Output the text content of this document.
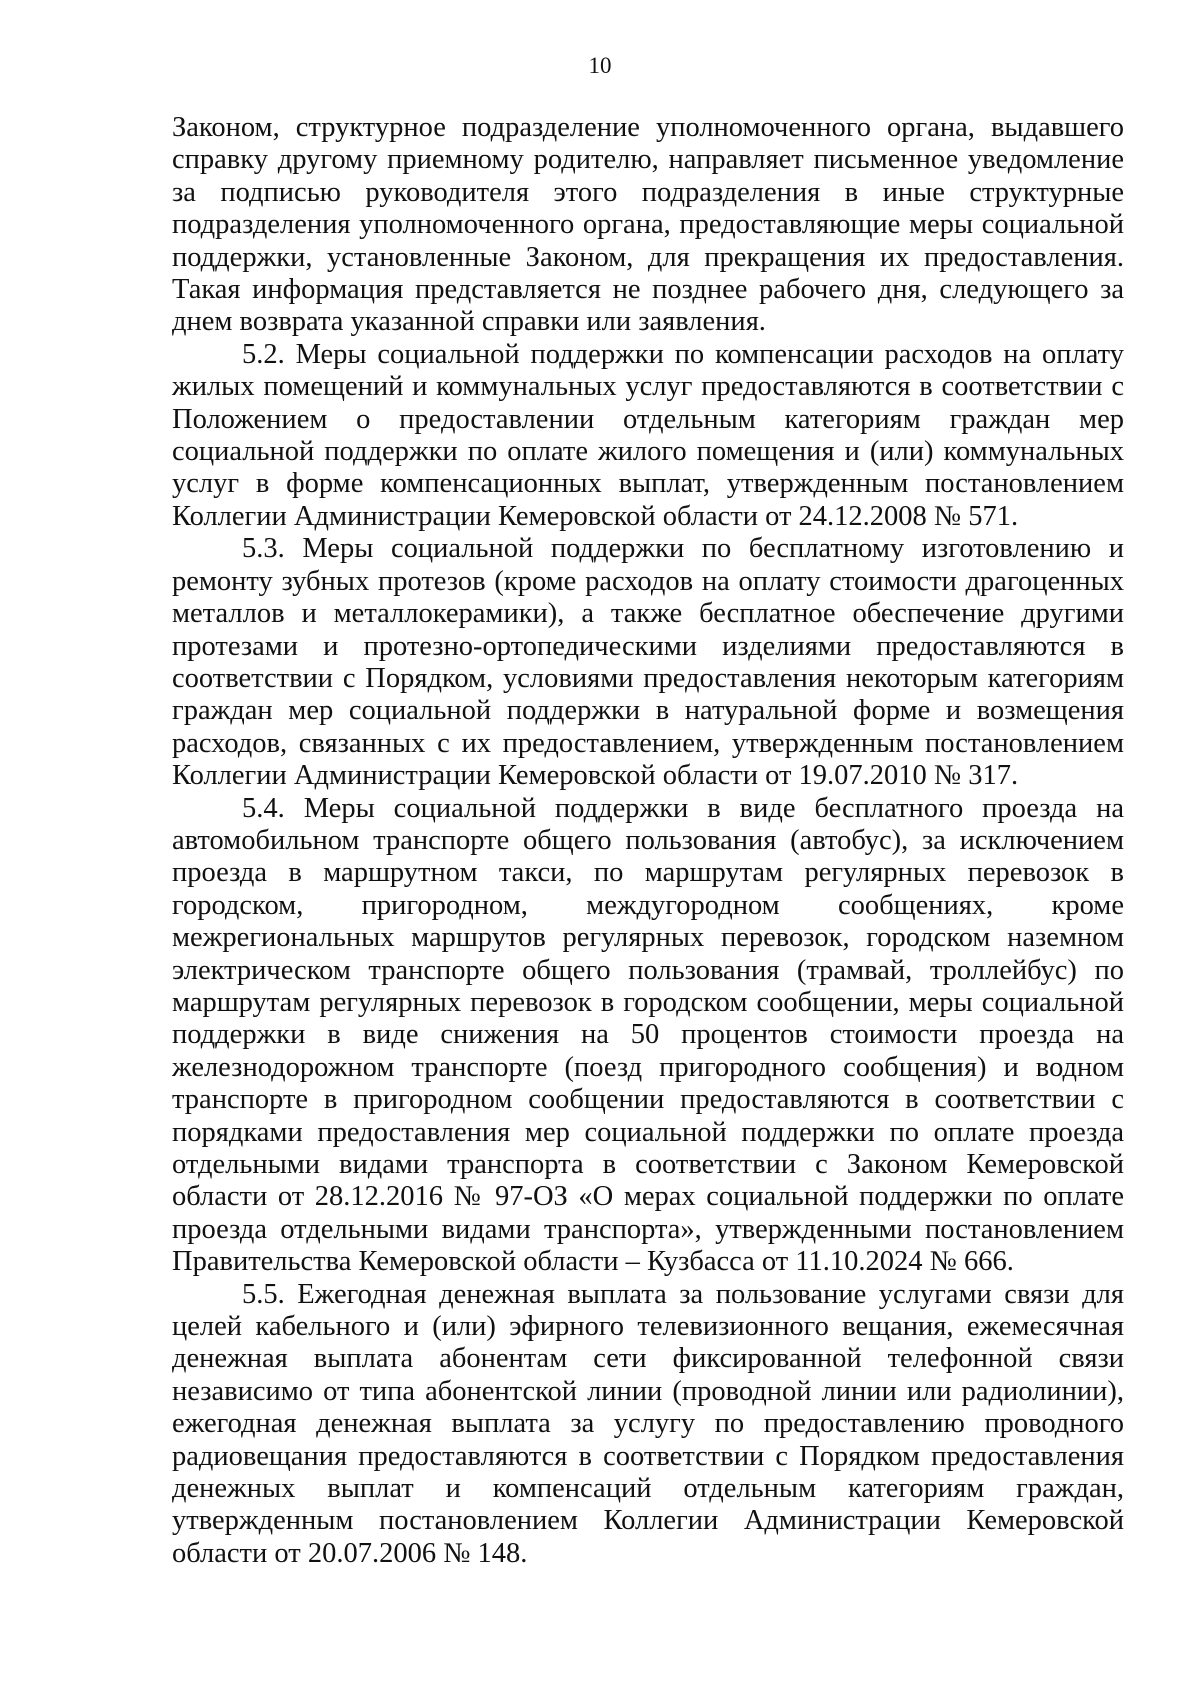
10

Законом, структурное подразделение уполномоченного органа, выдавшего справку другому приемному родителю, направляет письменное уведомление за подписью руководителя этого подразделения в иные структурные подразделения уполномоченного органа, предоставляющие меры социальной поддержки, установленные Законом, для прекращения их предоставления. Такая информация представляется не позднее рабочего дня, следующего за днем возврата указанной справки или заявления.

5.2. Меры социальной поддержки по компенсации расходов на оплату жилых помещений и коммунальных услуг предоставляются в соответствии с Положением о предоставлении отдельным категориям граждан мер социальной поддержки по оплате жилого помещения и (или) коммунальных услуг в форме компенсационных выплат, утвержденным постановлением Коллегии Администрации Кемеровской области от 24.12.2008 № 571.

5.3. Меры социальной поддержки по бесплатному изготовлению и ремонту зубных протезов (кроме расходов на оплату стоимости драгоценных металлов и металлокерамики), а также бесплатное обеспечение другими протезами и протезно-ортопедическими изделиями предоставляются в соответствии с Порядком, условиями предоставления некоторым категориям граждан мер социальной поддержки в натуральной форме и возмещения расходов, связанных с их предоставлением, утвержденным постановлением Коллегии Администрации Кемеровской области от 19.07.2010 № 317.

5.4. Меры социальной поддержки в виде бесплатного проезда на автомобильном транспорте общего пользования (автобус), за исключением проезда в маршрутном такси, по маршрутам регулярных перевозок в городском, пригородном, междугородном сообщениях, кроме межрегиональных маршрутов регулярных перевозок, городском наземном электрическом транспорте общего пользования (трамвай, троллейбус) по маршрутам регулярных перевозок в городском сообщении, меры социальной поддержки в виде снижения на 50 процентов стоимости проезда на железнодорожном транспорте (поезд пригородного сообщения) и водном транспорте в пригородном сообщении предоставляются в соответствии с порядками предоставления мер социальной поддержки по оплате проезда отдельными видами транспорта в соответствии с Законом Кемеровской области от 28.12.2016 № 97-ОЗ «О мерах социальной поддержки по оплате проезда отдельными видами транспорта», утвержденными постановлением Правительства Кемеровской области – Кузбасса от 11.10.2024 № 666.

5.5. Ежегодная денежная выплата за пользование услугами связи для целей кабельного и (или) эфирного телевизионного вещания, ежемесячная денежная выплата абонентам сети фиксированной телефонной связи независимо от типа абонентской линии (проводной линии или радиолинии), ежегодная денежная выплата за услугу по предоставлению проводного радиовещания предоставляются в соответствии с Порядком предоставления денежных выплат и компенсаций отдельным категориям граждан, утвержденным постановлением Коллегии Администрации Кемеровской области от 20.07.2006 № 148.
